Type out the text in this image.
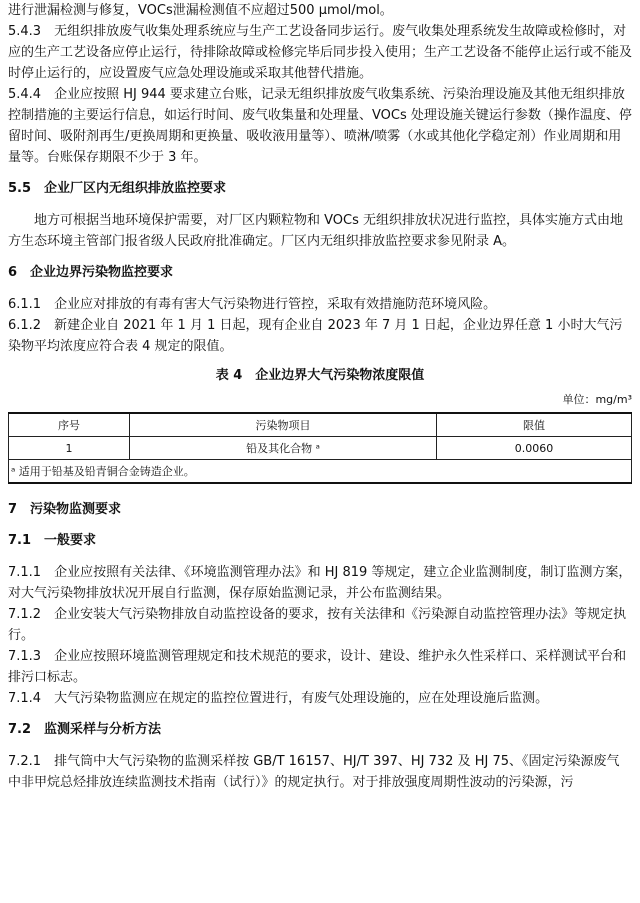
进行泄漏检测与修复，VOCs泄漏检测值不应超过500 μmol/mol。

5.4.3　无组织排放废气收集处理系统应与生产工艺设备同步运行。废气收集处理系统发生故障或检修时，对应的生产工艺设备应停止运行，待排除故障或检修完毕后同步投入使用；生产工艺设备不能停止运行或不能及时停止运行的，应设置废气应急处理设施或采取其他替代措施。

5.4.4　企业应按照 HJ 944 要求建立台账，记录无组织排放废气收集系统、污染治理设施及其他无组织排放控制措施的主要运行信息，如运行时间、废气收集量和处理量、VOCs 处理设施关键运行参数（操作温度、停留时间、吸附剂再生/更换周期和更换量、吸收液用量等）、喷淋/喷雾（水或其他化学稳定剂）作业周期和用量等。台账保存期限不少于 3 年。

5.5　企业厂区内无组织排放监控要求

地方可根据当地环境保护需要，对厂区内颗粒物和 VOCs 无组织排放状况进行监控，具体实施方式由地方生态环境主管部门报省级人民政府批准确定。厂区内无组织排放监控要求参见附录 A。

6　企业边界污染物监控要求

6.1.1　企业应对排放的有毒有害大气污染物进行管控，采取有效措施防范环境风险。

6.1.2　新建企业自 2021 年 1 月 1 日起，现有企业自 2023 年 7 月 1 日起，企业边界任意 1 小时大气污染物平均浓度应符合表 4 规定的限值。

表 4　企业边界大气污染物浓度限值
单位：mg/m³
序号	污染物项目	限值
1	铅及其化合物 ᵃ	0.0060
ᵃ 适用于铅基及铅青铜合金铸造企业。		

7　污染物监测要求

7.1　一般要求

7.1.1　企业应按照有关法律、《环境监测管理办法》和 HJ 819 等规定，建立企业监测制度，制订监测方案，对大气污染物排放状况开展自行监测，保存原始监测记录，并公布监测结果。

7.1.2　企业安装大气污染物排放自动监控设备的要求，按有关法律和《污染源自动监控管理办法》等规定执行。

7.1.3　企业应按照环境监测管理规定和技术规范的要求，设计、建设、维护永久性采样口、采样测试平台和排污口标志。

7.1.4　大气污染物监测应在规定的监控位置进行，有废气处理设施的，应在处理设施后监测。

7.2　监测采样与分析方法

7.2.1　排气筒中大气污染物的监测采样按 GB/T 16157、HJ/T 397、HJ 732 及 HJ 75、《固定污染源废气中非甲烷总烃排放连续监测技术指南（试行）》的规定执行。对于排放强度周期性波动的污染源，污
